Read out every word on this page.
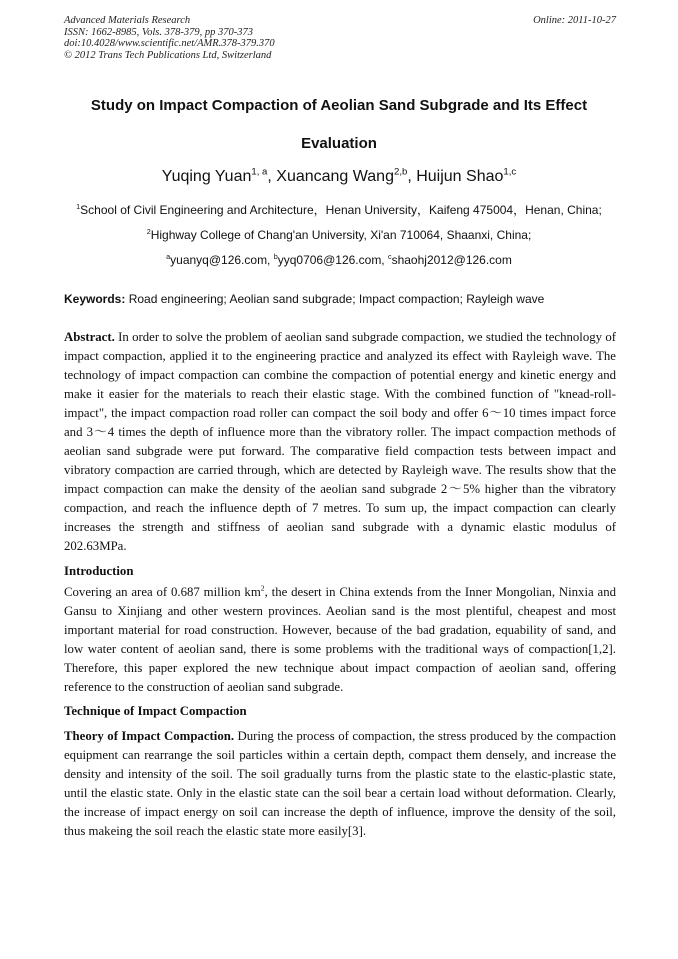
Advanced Materials Research
ISSN: 1662-8985, Vols. 378-379, pp 370-373
doi:10.4028/www.scientific.net/AMR.378-379.370
© 2012 Trans Tech Publications Ltd, Switzerland
Online: 2011-10-27
Study on Impact Compaction of Aeolian Sand Subgrade and Its Effect
Evaluation
Yuqing Yuan$^{1, a}$, Xuancang Wang$^{2,b}$, Huijun Shao$^{1,c}$
$^1$School of Civil Engineering and Architecture，Henan University，Kaifeng 475004，Henan, China;
$^2$Highway College of Chang'an University, Xi'an 710064, Shaanxi, China;
$^a$yuanyq@126.com, $^b$yyq0706@126.com, $^c$shaohj2012@126.com
Keywords: Road engineering; Aeolian sand subgrade; Impact compaction; Rayleigh wave
Abstract. In order to solve the problem of aeolian sand subgrade compaction, we studied the technology of impact compaction, applied it to the engineering practice and analyzed its effect with Rayleigh wave. The technology of impact compaction can combine the compaction of potential energy and kinetic energy and make it easier for the materials to reach their elastic stage. With the combined function of "knead-roll-impact", the impact compaction road roller can compact the soil body and offer 6～10 times impact force and 3～4 times the depth of influence more than the vibratory roller. The impact compaction methods of aeolian sand subgrade were put forward. The comparative field compaction tests between impact and vibratory compaction are carried through, which are detected by Rayleigh wave. The results show that the impact compaction can make the density of the aeolian sand subgrade 2～5% higher than the vibratory compaction, and reach the influence depth of 7 metres. To sum up, the impact compaction can clearly increases the strength and stiffness of aeolian sand subgrade with a dynamic elastic modulus of 202.63MPa.
Introduction
Covering an area of 0.687 million $km^2$, the desert in China extends from the Inner Mongolian, Ninxia and Gansu to Xinjiang and other western provinces. Aeolian sand is the most plentiful, cheapest and most important material for road construction. However, because of the bad gradation, equability of sand, and low water content of aeolian sand, there is some problems with the traditional ways of compaction[1,2]. Therefore, this paper explored the new technique about impact compaction of aeolian sand, offering reference to the construction of aeolian sand subgrade.
Technique of Impact Compaction
Theory of Impact Compaction. During the process of compaction, the stress produced by the compaction equipment can rearrange the soil particles within a certain depth, compact them densely, and increase the density and intensity of the soil. The soil gradually turns from the plastic state to the elastic-plastic state, until the elastic state. Only in the elastic state can the soil bear a certain load without deformation. Clearly, the increase of impact energy on soil can increase the depth of influence, improve the density of the soil, thus makeing the soil reach the elastic state more easily[3].
